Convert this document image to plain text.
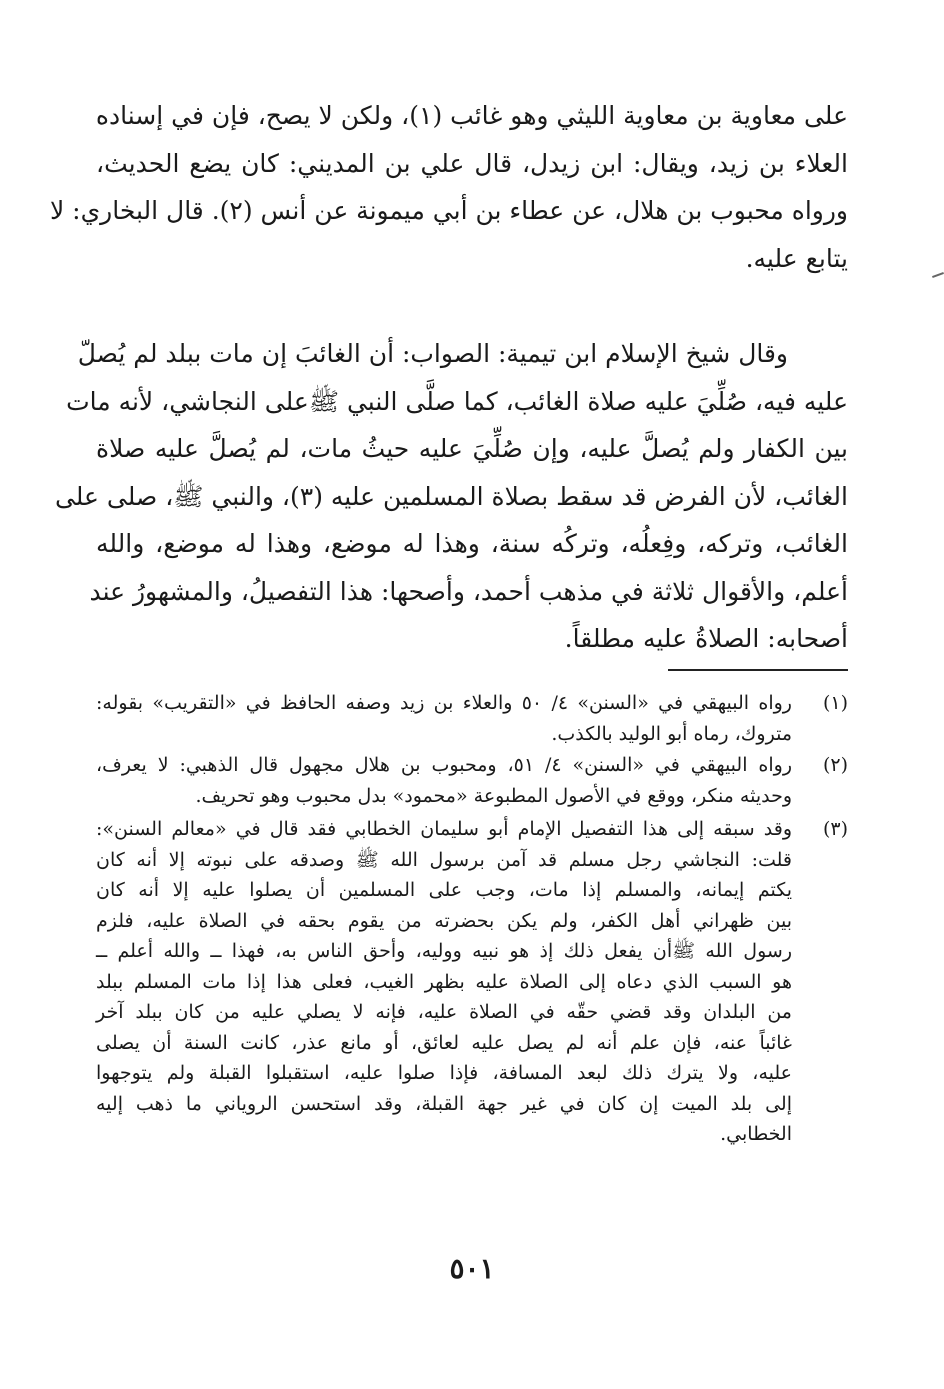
على معاوية بن معاوية الليثي وهو غائب (١)، ولكن لا يصح، فإن في إسناده
العلاء بن زيد، ويقال: ابن زيدل، قال علي بن المديني: كان يضع الحديث،
ورواه محبوب بن هلال، عن عطاء بن أبي ميمونة عن أنس (٢). قال البخاري: لا
يتابع عليه.
وقال شيخ الإسلام ابن تيمية: الصواب: أن الغائبَ إن مات ببلد لم يُصلّ
عليه فيه، صُلِّيَ عليه صلاة الغائب، كما صلَّى النبي ﷺعلى النجاشي، لأنه مات
بين الكفار ولم يُصلَّ عليه، وإن صُلِّيَ عليه حيثُ مات، لم يُصلَّ عليه صلاة
الغائب، لأن الفرض قد سقط بصلاة المسلمين عليه (٣)، والنبي ﷺ، صلى على
الغائب، وتركه، وفِعلُه، وتركُه سنة، وهذا له موضع، وهذا له موضع، والله
أعلم، والأقوال ثلاثة في مذهب أحمد، وأصحها: هذا التفصيلُ، والمشهورُ عند
أصحابه: الصلاةُ عليه مطلقاً.
(١)
رواه البيهقي في «السنن» ٤/ ٥٠ والعلاء بن زيد وصفه الحافظ في «التقريب» بقوله:
متروك، رماه أبو الوليد بالكذب.
(٢)
رواه البيهقي في «السنن» ٤/ ٥١، ومحبوب بن هلال مجهول قال الذهبي: لا يعرف،
وحديثه منكر، ووقع في الأصول المطبوعة «محمود» بدل محبوب وهو تحريف.
(٣)
وقد سبقه إلى هذا التفصيل الإمام أبو سليمان الخطابي فقد قال في «معالم السنن»:
قلت: النجاشي رجل مسلم قد آمن برسول الله ﷺ وصدقه على نبوته إلا أنه كان
يكتم إيمانه، والمسلم إذا مات، وجب على المسلمين أن يصلوا عليه إلا أنه كان
بين ظهراني أهل الكفر، ولم يكن بحضرته من يقوم بحقه في الصلاة عليه، فلزم
رسول الله ﷺأن يفعل ذلك إذ هو نبيه ووليه، وأحق الناس به، فهذا ــ والله أعلم ــ
هو السبب الذي دعاه إلى الصلاة عليه بظهر الغيب، فعلى هذا إذا مات المسلم ببلد
من البلدان وقد قضي حقّه في الصلاة عليه، فإنه لا يصلي عليه من كان ببلد آخر
غائباً عنه، فإن علم أنه لم يصل عليه لعائق، أو مانع عذر، كانت السنة أن يصلى
عليه، ولا يترك ذلك لبعد المسافة، فإذا صلوا عليه، استقبلوا القبلة ولم يتوجهوا
إلى بلد الميت إن كان في غير جهة القبلة، وقد استحسن الروياني ما ذهب إليه
الخطابي.
٥٠١
